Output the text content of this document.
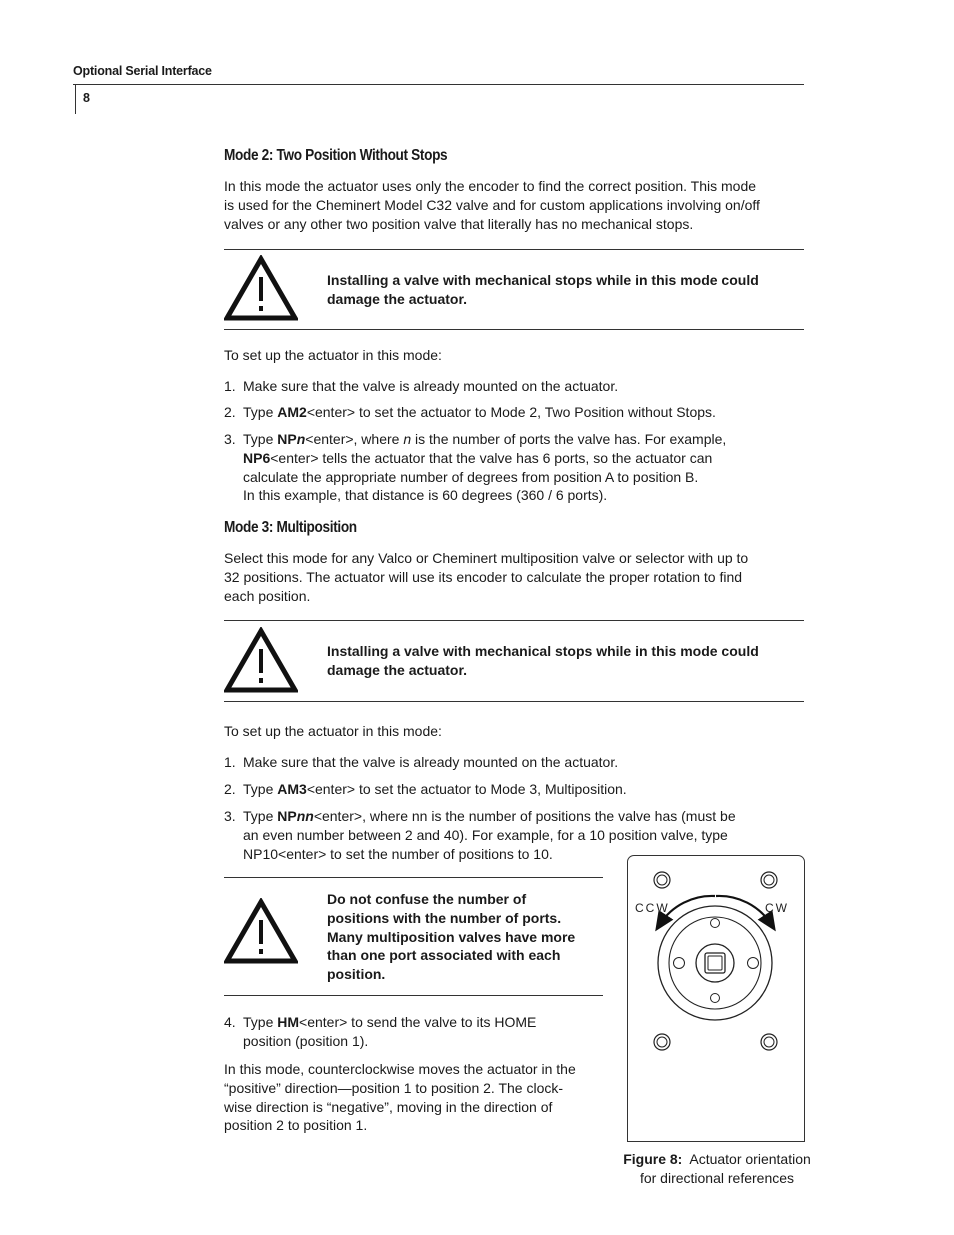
Optional Serial Interface
8
Mode 2: Two Position Without Stops
In this mode the actuator uses only the encoder to find the correct position. This mode
is used for the Cheminert Model C32 valve and for custom applications involving on/off
valves or any other two position valve that literally has no mechanical stops.
Installing a valve with mechanical stops while in this mode could
damage the actuator.
To set up the actuator in this mode:
1. Make sure that the valve is already mounted on the actuator.
2. Type AM2<enter> to set the actuator to Mode 2, Two Position without Stops.
3. Type NPn<enter>, where n is the number of ports the valve has. For example,
NP6<enter> tells the actuator that the valve has 6 ports, so the actuator can
calculate the appropriate number of degrees from position A to position B.
In this example, that distance is 60 degrees (360 / 6 ports).
Mode 3: Multiposition
Select this mode for any Valco or Cheminert multiposition valve or selector with up to
32 positions. The actuator will use its encoder to calculate the proper rotation to find
each position.
Installing a valve with mechanical stops while in this mode could
damage the actuator.
To set up the actuator in this mode:
1. Make sure that the valve is already mounted on the actuator.
2. Type AM3<enter> to set the actuator to Mode 3, Multiposition.
3. Type NPnn<enter>, where nn is the number of positions the valve has (must be
an even number between 2 and 40). For example, for a 10 position valve, type
NP10<enter> to set the number of positions to 10.
Do not confuse the number of
positions with the number of ports.
Many multiposition valves have more
than one port associated with each
position.
4. Type HM<enter> to send the valve to its HOME
position (position 1).
In this mode, counterclockwise moves the actuator in the
“positive” direction—position 1 to position 2. The clock-
wise direction is “negative”, moving in the direction of
position 2 to position 1.
CCW	CW
Figure 8: Actuator orientation
for directional references
